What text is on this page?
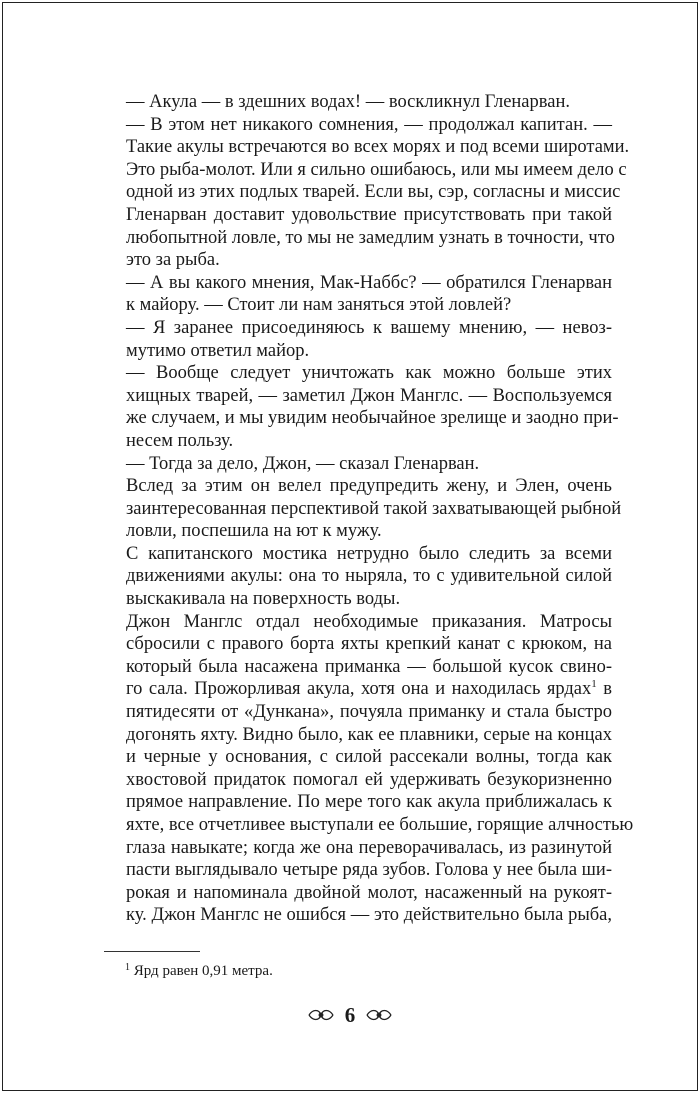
— Акула — в здешних водах! — воскликнул Гленарван.

— В этом нет никакого сомнения, — продолжал капитан. —
Такие акулы встречаются во всех морях и под всеми широтами.
Это рыба-молот. Или я сильно ошибаюсь, или мы имеем дело с
одной из этих подлых тварей. Если вы, сэр, согласны и миссис
Гленарван доставит удовольствие присутствовать при такой
любопытной ловле, то мы не замедлим узнать в точности, что
это за рыба.

— А вы какого мнения, Мак-Наббс? — обратился Гленарван
к майору. — Стоит ли нам заняться этой ловлей?

— Я заранее присоединяюсь к вашему мнению, — невоз-
мутимо ответил майор.

— Вообще следует уничтожать как можно больше этих
хищных тварей, — заметил Джон Манглс. — Воспользуемся
же случаем, и мы увидим необычайное зрелище и заодно при-
несем пользу.

— Тогда за дело, Джон, — сказал Гленарван.

Вслед за этим он велел предупредить жену, и Элен, очень
заинтересованная перспективой такой захватывающей рыбной
ловли, поспешила на ют к мужу.

С капитанского мостика нетрудно было следить за всеми
движениями акулы: она то ныряла, то с удивительной силой
выскакивала на поверхность воды.

Джон Манглс отдал необходимые приказания. Матросы
сбросили с правого борта яхты крепкий канат с крюком, на
который была насажена приманка — большой кусок свино-
го сала. Прожорливая акула, хотя она и находилась ярдах$^1$ в
пятидесяти от «Дункана», почуяла приманку и стала быстро
догонять яхту. Видно было, как ее плавники, серые на концах
и черные у основания, с силой рассекали волны, тогда как
хвостовой придаток помогал ей удерживать безукоризненно
прямое направление. По мере того как акула приближалась к
яхте, все отчетливее выступали ее большие, горящие алчностью
глаза навыкате; когда же она переворачивалась, из разинутой
пасти выглядывало четыре ряда зубов. Голова у нее была ши-
рокая и напоминала двойной молот, насаженный на рукоят-
ку. Джон Манглс не ошибся — это действительно была рыба,

$^1$ Ярд равен 0,91 метра.
6
